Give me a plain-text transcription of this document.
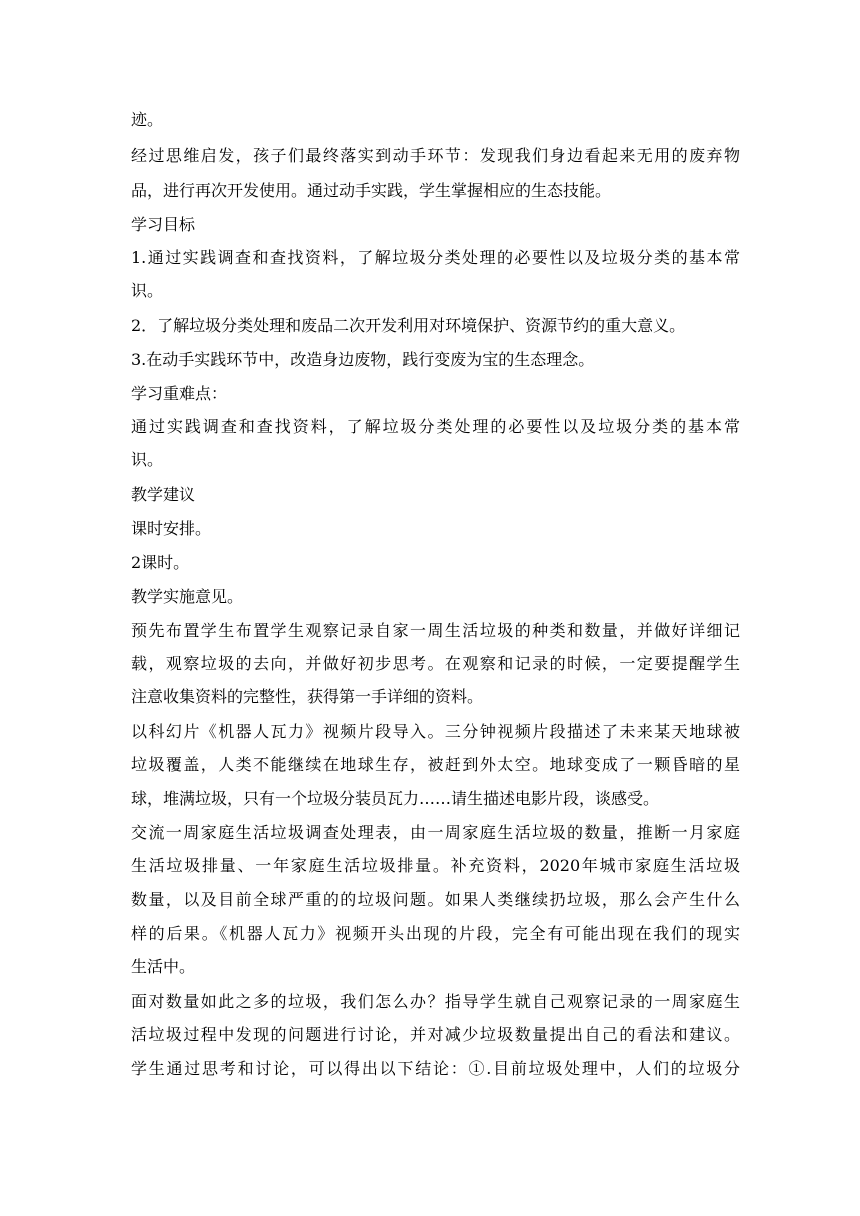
迹。
经过思维启发，孩子们最终落实到动手环节：发现我们身边看起来无用的废弃物
品，进行再次开发使用。通过动手实践，学生掌握相应的生态技能。
学习目标
1.通过实践调查和查找资料，了解垃圾分类处理的必要性以及垃圾分类的基本常
识。
2．了解垃圾分类处理和废品二次开发利用对环境保护、资源节约的重大意义。
3.在动手实践环节中，改造身边废物，践行变废为宝的生态理念。
学习重难点：
通过实践调查和查找资料，了解垃圾分类处理的必要性以及垃圾分类的基本常
识。
教学建议
课时安排。
2课时。
教学实施意见。
预先布置学生布置学生观察记录自家一周生活垃圾的种类和数量，并做好详细记
载，观察垃圾的去向，并做好初步思考。在观察和记录的时候，一定要提醒学生
注意收集资料的完整性，获得第一手详细的资料。
以科幻片《机器人瓦力》视频片段导入。三分钟视频片段描述了未来某天地球被
垃圾覆盖，人类不能继续在地球生存，被赶到外太空。地球变成了一颗昏暗的星
球，堆满垃圾，只有一个垃圾分装员瓦力……请生描述电影片段，谈感受。
交流一周家庭生活垃圾调查处理表，由一周家庭生活垃圾的数量，推断一月家庭
生活垃圾排量、一年家庭生活垃圾排量。补充资料，2020年城市家庭生活垃圾
数量，以及目前全球严重的的垃圾问题。如果人类继续扔垃圾，那么会产生什么
样的后果。《机器人瓦力》视频开头出现的片段，完全有可能出现在我们的现实
生活中。
面对数量如此之多的垃圾，我们怎么办？指导学生就自己观察记录的一周家庭生
活垃圾过程中发现的问题进行讨论，并对减少垃圾数量提出自己的看法和建议。
学生通过思考和讨论，可以得出以下结论：①.目前垃圾处理中，人们的垃圾分
